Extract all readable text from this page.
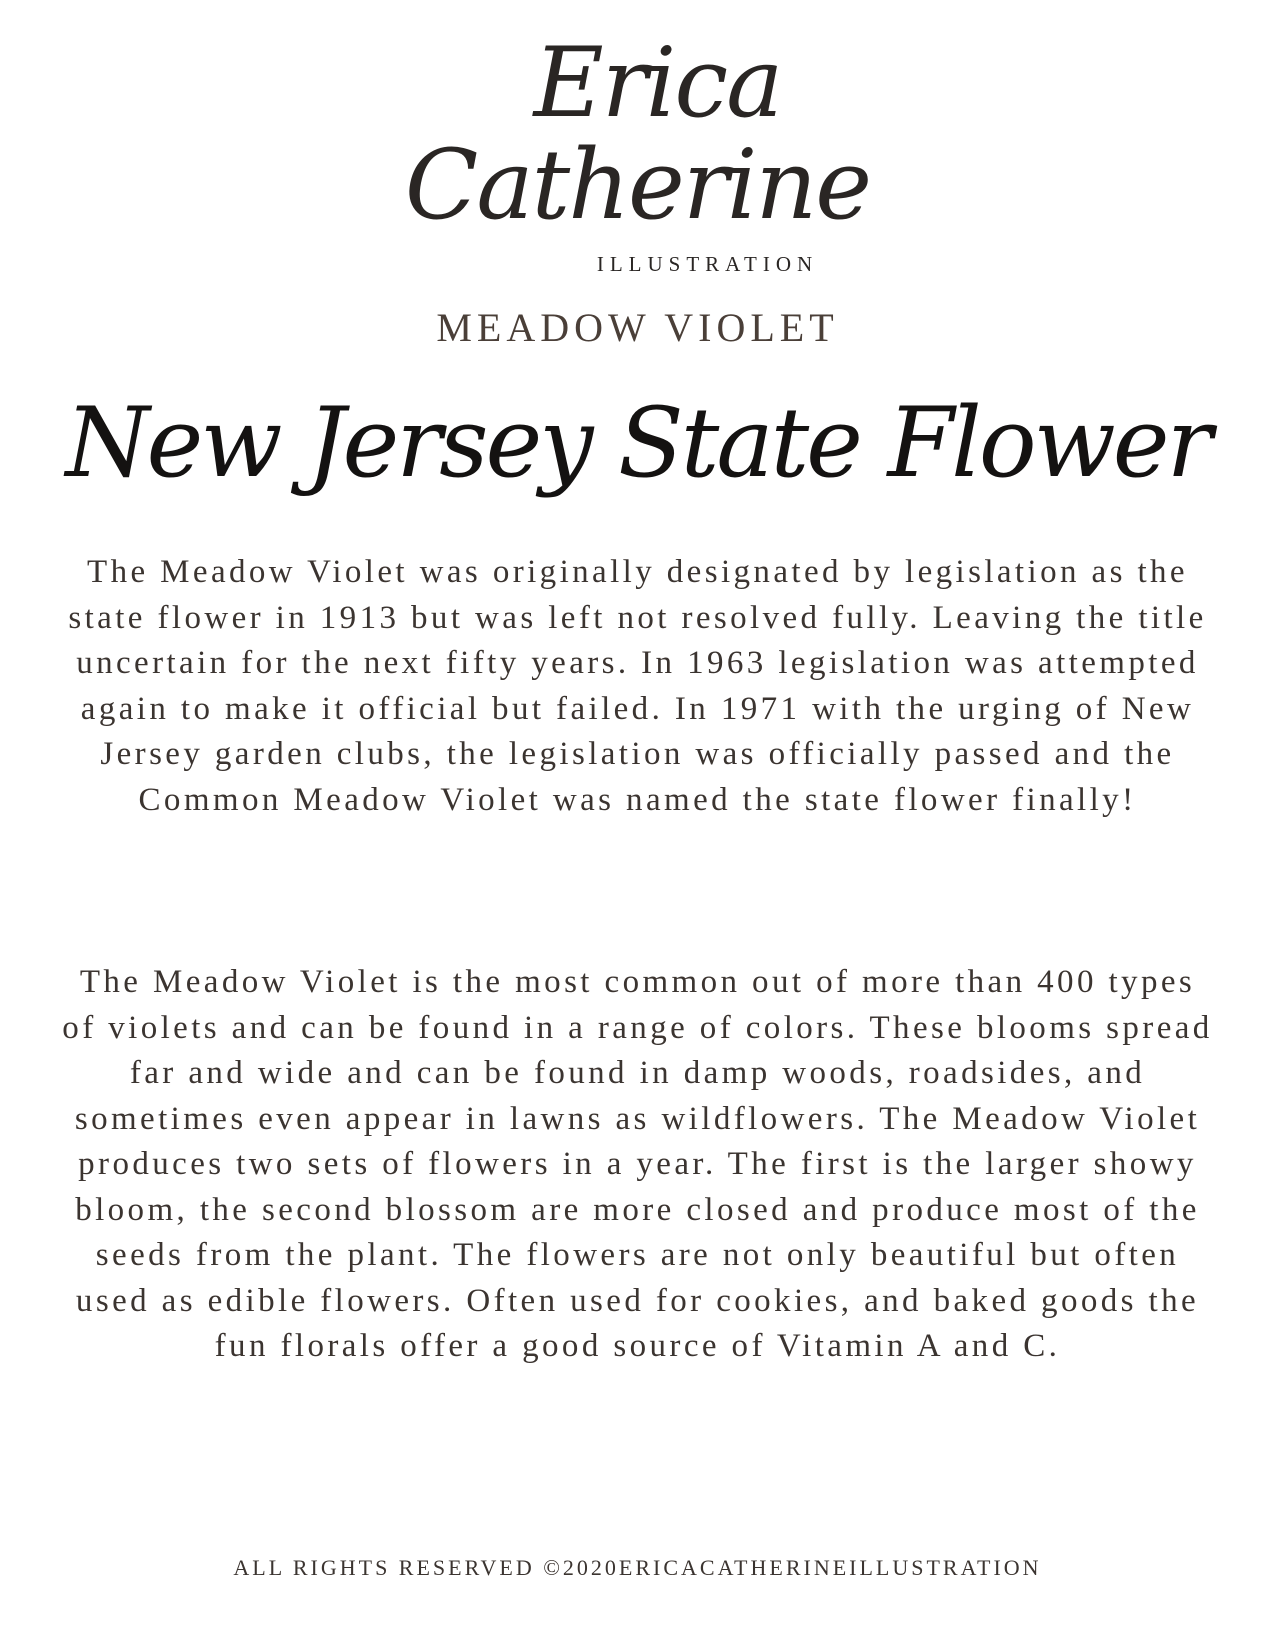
Erica
Catherine
ILLUSTRATION
MEADOW VIOLET
New Jersey State Flower

The Meadow Violet was originally designated by legislation as the state flower in 1913 but was left not resolved fully. Leaving the title uncertain for the next fifty years. In 1963 legislation was attempted again to make it official but failed. In 1971 with the urging of New Jersey garden clubs, the legislation was officially passed and the Common Meadow Violet was named the state flower finally!

The Meadow Violet is the most common out of more than 400 types of violets and can be found in a range of colors. These blooms spread far and wide and can be found in damp woods, roadsides, and sometimes even appear in lawns as wildflowers. The Meadow Violet produces two sets of flowers in a year. The first is the larger showy bloom, the second blossom are more closed and produce most of the seeds from the plant. The flowers are not only beautiful but often used as edible flowers. Often used for cookies, and baked goods the fun florals offer a good source of Vitamin A and C.

ALL RIGHTS RESERVED ©2020ERICACATHERINEILLUSTRATION
